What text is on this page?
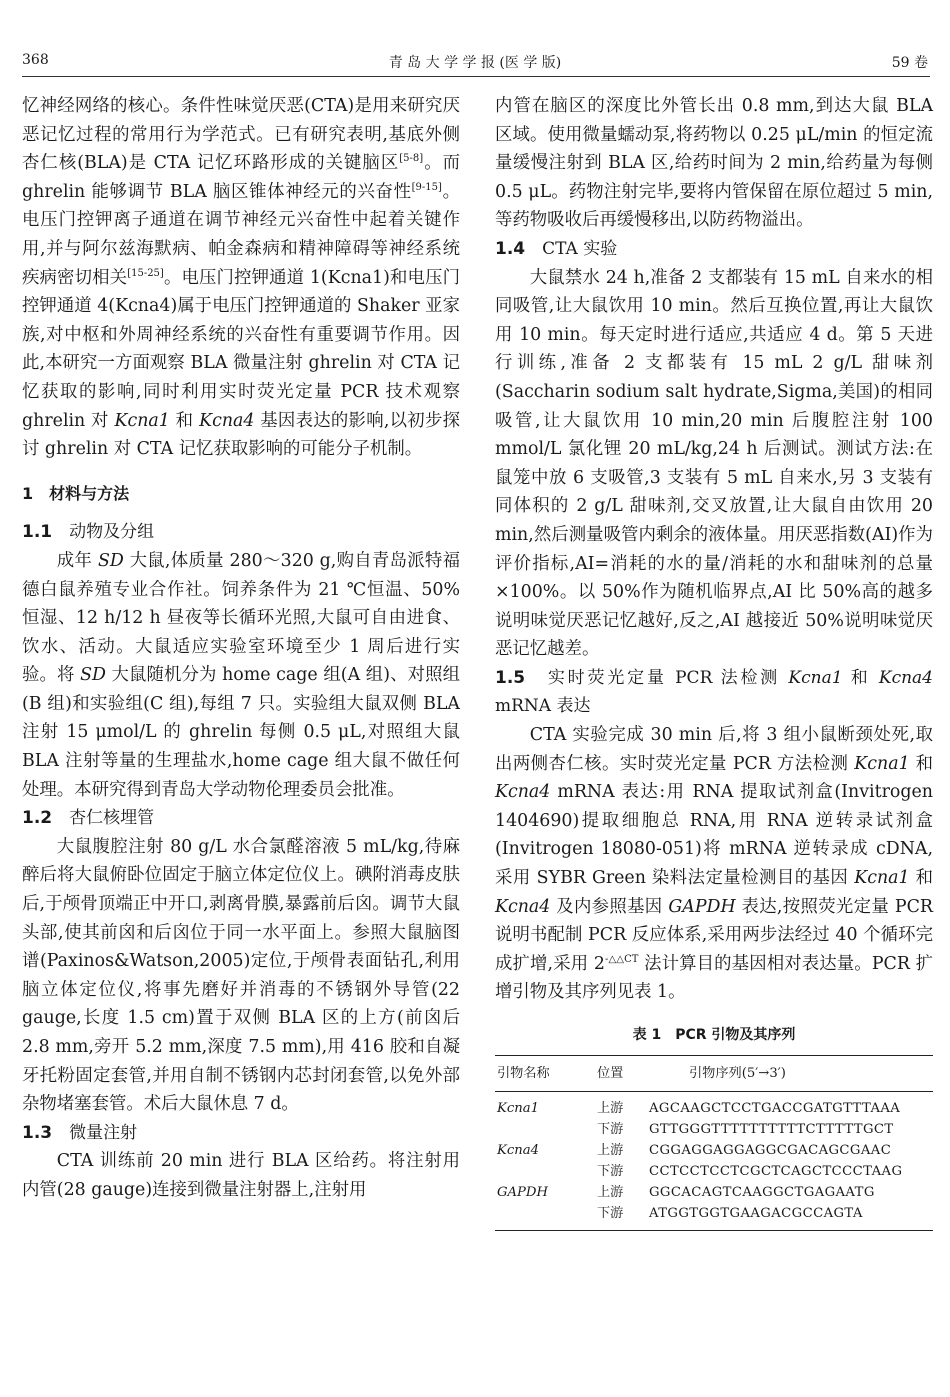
368	青 岛 大 学 学 报 (医 学 版)	59 卷

忆神经网络的核心。条件性味觉厌恶(CTA)是用来研究厌恶记忆过程的常用行为学范式。已有研究表明,基底外侧杏仁核(BLA)是 CTA 记忆环路形成的关键脑区[5-8]。而 ghrelin 能够调节 BLA 脑区锥体神经元的兴奋性[9-15]。电压门控钾离子通道在调节神经元兴奋性中起着关键作用,并与阿尔兹海默病、帕金森病和精神障碍等神经系统疾病密切相关[15-25]。电压门控钾通道 1(Kcna1)和电压门控钾通道 4(Kcna4)属于电压门控钾通道的 Shaker 亚家族,对中枢和外周神经系统的兴奋性有重要调节作用。因此,本研究一方面观察 BLA 微量注射 ghrelin 对 CTA 记忆获取的影响,同时利用实时荧光定量 PCR 技术观察 ghrelin 对 Kcna1 和 Kcna4 基因表达的影响,以初步探讨 ghrelin 对 CTA 记忆获取影响的可能分子机制。

1　材料与方法

1.1　 动物及分组

成年 SD 大鼠,体质量 280～320 g,购自青岛派特福德白鼠养殖专业合作社。饲养条件为 21 ℃恒温、50%恒湿、12 h/12 h 昼夜等长循环光照,大鼠可自由进食、饮水、活动。大鼠适应实验室环境至少 1 周后进行实验。将 SD 大鼠随机分为 home cage 组(A 组)、对照组(B 组)和实验组(C 组),每组 7 只。实验组大鼠双侧 BLA 注射 15 μmol/L 的 ghrelin 每侧 0.5 μL,对照组大鼠 BLA 注射等量的生理盐水,home cage 组大鼠不做任何处理。本研究得到青岛大学动物伦理委员会批准。

1.2　 杏仁核埋管

大鼠腹腔注射 80 g/L 水合氯醛溶液 5 mL/kg,待麻醉后将大鼠俯卧位固定于脑立体定位仪上。碘附消毒皮肤后,于颅骨顶端正中开口,剥离骨膜,暴露前后囟。调节大鼠头部,使其前囟和后囟位于同一水平面上。参照大鼠脑图谱(Paxinos&Watson,2005)定位,于颅骨表面钻孔,利用脑立体定位仪,将事先磨好并消毒的不锈钢外导管(22 gauge,长度 1.5 cm)置于双侧 BLA 区的上方(前囟后 2.8 mm,旁开 5.2 mm,深度 7.5 mm),用 416 胶和自凝牙托粉固定套管,并用自制不锈钢内芯封闭套管,以免外部杂物堵塞套管。术后大鼠休息 7 d。

1.3　 微量注射

CTA 训练前 20 min 进行 BLA 区给药。将注射用内管(28 gauge)连接到微量注射器上,注射用

内管在脑区的深度比外管长出 0.8 mm,到达大鼠 BLA 区域。使用微量蠕动泵,将药物以 0.25 μL/min 的恒定流量缓慢注射到 BLA 区,给药时间为 2 min,给药量为每侧 0.5 μL。药物注射完毕,要将内管保留在原位超过 5 min,等药物吸收后再缓慢移出,以防药物溢出。

1.4　 CTA 实验

大鼠禁水 24 h,准备 2 支都装有 15 mL 自来水的相同吸管,让大鼠饮用 10 min。然后互换位置,再让大鼠饮用 10 min。每天定时进行适应,共适应 4 d。第 5 天进行训练,准备 2 支都装有 15 mL 2 g/L 甜味剂(Saccharin sodium salt hydrate,Sigma,美国)的相同吸管,让大鼠饮用 10 min,20 min 后腹腔注射 100 mmol/L 氯化锂 20 mL/kg,24 h 后测试。测试方法:在鼠笼中放 6 支吸管,3 支装有 5 mL 自来水,另 3 支装有同体积的 2 g/L 甜味剂,交叉放置,让大鼠自由饮用 20 min,然后测量吸管内剩余的液体量。用厌恶指数(AI)作为评价指标,AI=消耗的水的量/消耗的水和甜味剂的总量×100%。以 50%作为随机临界点,AI 比 50%高的越多说明味觉厌恶记忆越好,反之,AI 越接近 50%说明味觉厌恶记忆越差。

1.5　 实时荧光定量 PCR 法检测 Kcna1 和 Kcna4 mRNA 表达

CTA 实验完成 30 min 后,将 3 组小鼠断颈处死,取出两侧杏仁核。实时荧光定量 PCR 方法检测 Kcna1 和 Kcna4 mRNA 表达:用 RNA 提取试剂盒(Invitrogen 1404690)提取细胞总 RNA,用 RNA 逆转录试剂盒(Invitrogen 18080-051)将 mRNA 逆转录成 cDNA,采用 SYBR Green 染料法定量检测目的基因 Kcna1 和 Kcna4 及内参照基因 GAPDH 表达,按照荧光定量 PCR 说明书配制 PCR 反应体系,采用两步法经过 40 个循环完成扩增,采用 $2^{-\triangle\triangle CT}$ 法计算目的基因相对表达量。PCR 扩增引物及其序列见表 1。

表 1　PCR 引物及其序列
引物名称	位置	引物序列(5′→3′)
Kcna1	上游	AGCAAGCTCCTGACCGATGTTTAAA
	下游	GTTGGGTTTTTTTTTTCTTTTTGCT
Kcna4	上游	CGGAGGAGGAGGCGACAGCGAAC
	下游	CCTCCTCCTCGCTCAGCTCCCTAAG
GAPDH	上游	GGCACAGTCAAGGCTGAGAATG
	下游	ATGGTGGTGAAGACGCCAGTA
